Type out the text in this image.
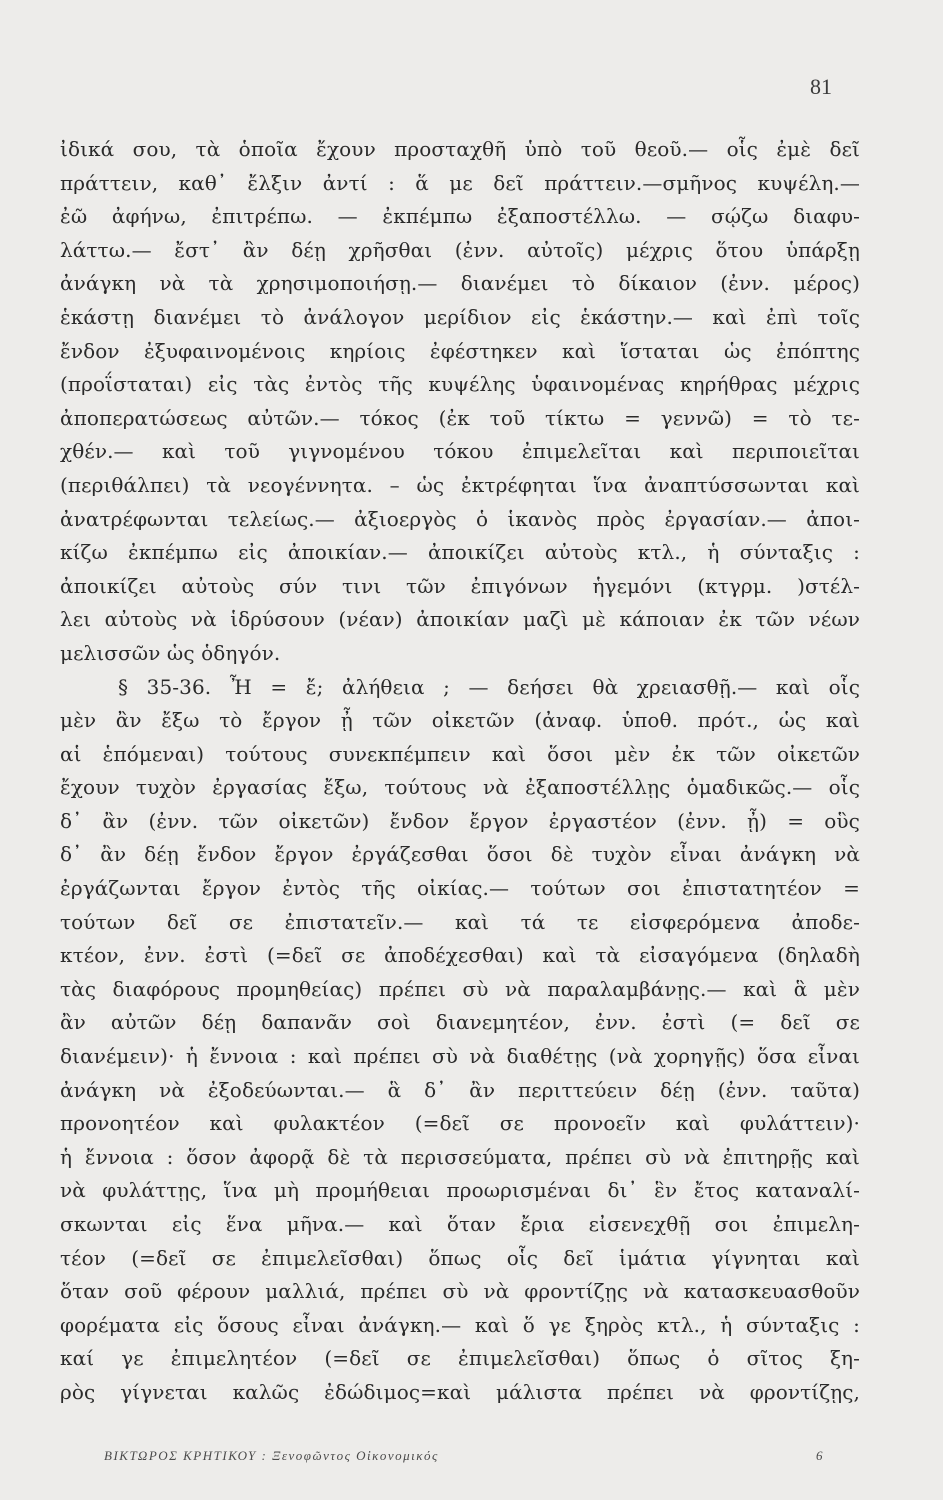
81
ἰδικά σου, τὰ ὁποῖα ἔχουν προσταχθῆ ὑπὸ τοῦ θεοῦ.— οἷς ἐμὲ δεῖ
πράττειν, καθ᾽ ἔλξιν ἀντί : ἅ με δεῖ πράττειν.—σμῆνος κυψέλη.—
ἐῶ ἀφήνω, ἐπιτρέπω. — ἐκπέμπω ἐξαποστέλλω. — σῴζω διαφυ-
λάττω.— ἔστ᾽ ἂν δέῃ χρῆσθαι (ἐνν. αὐτοῖς) μέχρις ὅτου ὑπάρξῃ
ἀνάγκη νὰ τὰ χρησιμοποιήσῃ.— διανέμει τὸ δίκαιον (ἐνν. μέρος)
ἑκάστῃ διανέμει τὸ ἀνάλογον μερίδιον εἰς ἑκάστην.— καὶ ἐπὶ τοῖς
ἔνδον ἐξυφαινομένοις κηρίοις ἐφέστηκεν καὶ ἵσταται ὡς ἐπόπτης
(προΐσταται) εἰς τὰς ἐντὸς τῆς κυψέλης ὑφαινομένας κηρήθρας μέχρις
ἀποπερατώσεως αὐτῶν.— τόκος (ἐκ τοῦ τίκτω = γεννῶ) = τὸ τε-
χθέν.— καὶ τοῦ γιγνομένου τόκου ἐπιμελεῖται καὶ περιποιεῖται
(περιθάλπει) τὰ νεογέννητα. – ὡς ἐκτρέφηται ἵνα ἀναπτύσσωνται καὶ
ἀνατρέφωνται τελείως.— ἀξιοεργὸς ὁ ἱκανὸς πρὸς ἐργασίαν.— ἀποι-
κίζω ἐκπέμπω εἰς ἀποικίαν.— ἀποικίζει αὐτοὺς κτλ., ἡ σύνταξις :
ἀποικίζει αὐτοὺς σύν τινι τῶν ἐπιγόνων ἡγεμόνι (κτγρμ. )στέλ-
λει αὐτοὺς νὰ ἱδρύσουν (νέαν) ἀποικίαν μαζὶ μὲ κάποιαν ἐκ τῶν νέων
μελισσῶν ὡς ὁδηγόν.
§ 35-36. Ἦ = ἔ; ἀλήθεια ; — δεήσει θὰ χρειασθῇ.— καὶ οἷς
μὲν ἂν ἔξω τὸ ἔργον ᾖ τῶν οἰκετῶν (ἀναφ. ὑποθ. πρότ., ὡς καὶ
αἱ ἑπόμεναι) τούτους συνεκπέμπειν καὶ ὅσοι μὲν ἐκ τῶν οἰκετῶν
ἔχουν τυχὸν ἐργασίας ἔξω, τούτους νὰ ἐξαποστέλλῃς ὁμαδικῶς.— οἷς
δ᾽ ἂν (ἐνν. τῶν οἰκετῶν) ἔνδον ἔργον ἐργαστέον (ἐνν. ᾖ) = οὓς
δ᾽ ἂν δέῃ ἔνδον ἔργον ἐργάζεσθαι ὅσοι δὲ τυχὸν εἶναι ἀνάγκη νὰ
ἐργάζωνται ἔργον ἐντὸς τῆς οἰκίας.— τούτων σοι ἐπιστατητέον =
τούτων δεῖ σε ἐπιστατεῖν.— καὶ τά τε εἰσφερόμενα ἀποδε-
κτέον, ἐνν. ἐστὶ (=δεῖ σε ἀποδέχεσθαι) καὶ τὰ εἰσαγόμενα (δηλαδὴ
τὰς διαφόρους προμηθείας) πρέπει σὺ νὰ παραλαμβάνῃς.— καὶ ἃ μὲν
ἂν αὐτῶν δέῃ δαπανᾶν σοὶ διανεμητέον, ἐνν. ἐστὶ (= δεῖ σε
διανέμειν)· ἡ ἔννοια : καὶ πρέπει σὺ νὰ διαθέτῃς (νὰ χορηγῇς) ὅσα εἶναι
ἀνάγκη νὰ ἐξοδεύωνται.— ἃ δ᾽ ἂν περιττεύειν δέῃ (ἐνν. ταῦτα)
προνοητέον καὶ φυλακτέον (=δεῖ σε προνοεῖν καὶ φυλάττειν)·
ἡ ἔννοια : ὅσον ἀφορᾷ δὲ τὰ περισσεύματα, πρέπει σὺ νὰ ἐπιτηρῇς καὶ
νὰ φυλάττῃς, ἵνα μὴ προμήθειαι προωρισμέναι δι᾽ ἓν ἔτος καταναλί-
σκωνται εἰς ἕνα μῆνα.— καὶ ὅταν ἔρια εἰσενεχθῇ σοι ἐπιμελη-
τέον (=δεῖ σε ἐπιμελεῖσθαι) ὅπως οἷς δεῖ ἱμάτια γίγνηται καὶ
ὅταν σοῦ φέρουν μαλλιά, πρέπει σὺ νὰ φροντίζῃς νὰ κατασκευασθοῦν
φορέματα εἰς ὅσους εἶναι ἀνάγκη.— καὶ ὅ γε ξηρὸς κτλ., ἡ σύνταξις :
καί γε ἐπιμελητέον (=δεῖ σε ἐπιμελεῖσθαι) ὅπως ὁ σῖτος ξη-
ρὸς γίγνεται καλῶς ἐδώδιμος=καὶ μάλιστα πρέπει νὰ φροντίζῃς,
ΒΙΚΤΩΡΟΣ ΚΡΗΤΙΚΟΥ : Ξενοφῶντος Οἰκονομικός	6
